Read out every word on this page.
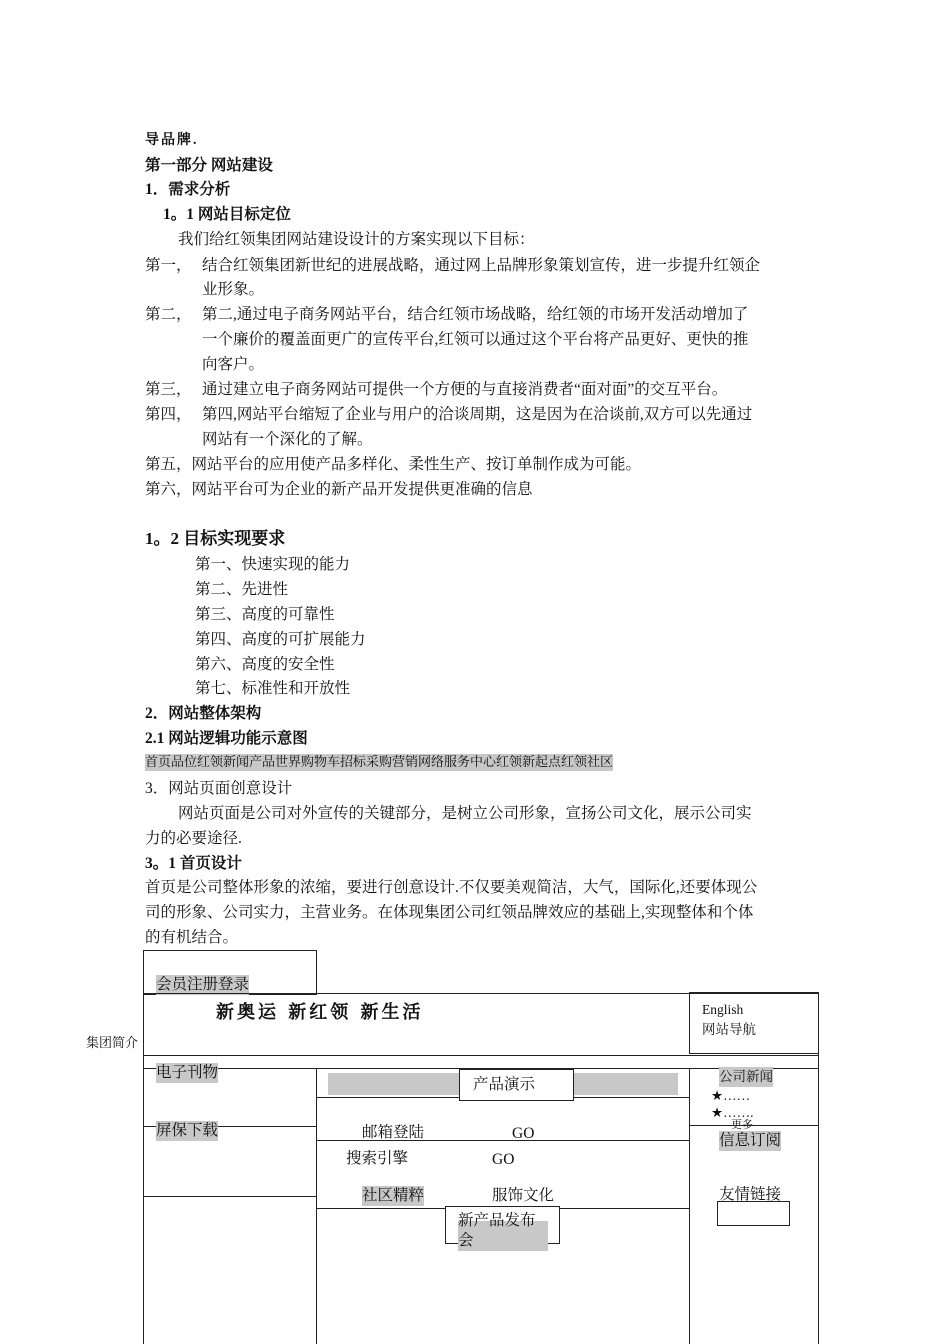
导品牌.
第一部分 网站建设
1．需求分析
1。1 网站目标定位
我们给红领集团网站建设设计的方案实现以下目标：
第一， 结合红领集团新世纪的进展战略，通过网上品牌形象策划宣传，进一步提升红领企
业形象。
第二， 第二,通过电子商务网站平台，结合红领市场战略，给红领的市场开发活动增加了
一个廉价的覆盖面更广的宣传平台,红领可以通过这个平台将产品更好、更快的推
向客户。
第三， 通过建立电子商务网站可提供一个方便的与直接消费者“面对面”的交互平台。
第四， 第四,网站平台缩短了企业与用户的洽谈周期，这是因为在洽谈前,双方可以先通过
网站有一个深化的了解。
第五，网站平台的应用使产品多样化、柔性生产、按订单制作成为可能。
第六，网站平台可为企业的新产品开发提供更准确的信息
1。2 目标实现要求
第一、快速实现的能力
第二、先进性
第三、高度的可靠性
第四、高度的可扩展能力
第六、高度的安全性
第七、标准性和开放性
2．网站整体架构
2.1 网站逻辑功能示意图
首页品位红领新闻产品世界购物车招标采购营销网络服务中心红领新起点红领社区
3．网站页面创意设计
网站页面是公司对外宣传的关键部分，是树立公司形象，宣扬公司文化，展示公司实
力的必要途径.
3。1 首页设计
首页是公司整体形象的浓缩，要进行创意设计.不仅要美观简洁，大气，国际化,还要体现公
司的形象、公司实力，主营业务。在体现集团公司红领品牌效应的基础上,实现整体和个体
的有机结合。
会员注册登录
新奥运 新红领 新生活	English
网站导航
集团简介
电子刊物
屏保下载
产品演示
邮箱登陆	GO
搜索引擎	GO
社区精粹	服饰文化
新产品发布会
公司新闻
★……
★…….
更多
信息订阅
友情链接
